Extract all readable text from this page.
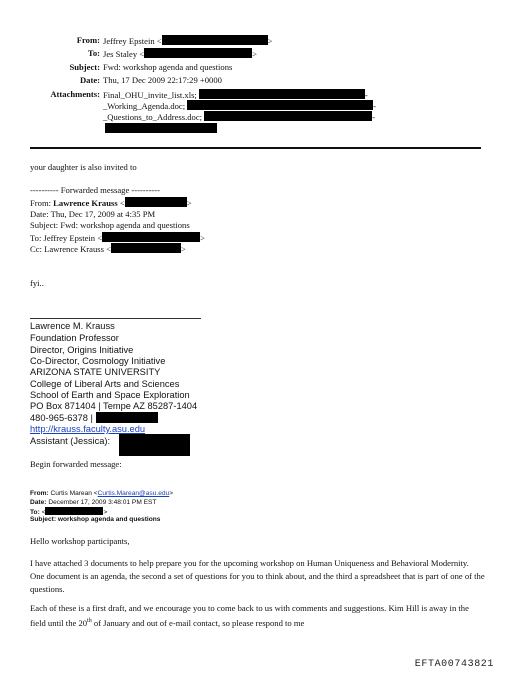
From: Jeffrey Epstein <	>
To: Jes Staley <	>
Subject: Fwd: workshop agenda and questions
Date: Thu, 17 Dec 2009 22:17:29 +0000
Attachments: Final_OHU_invite_list.xls;	-
_Working_Agenda.doc;	-
_Questions_to_Address.doc;	-
your daughter is also invited to
---------- Forwarded message ----------
From: Lawrence Krauss <	>
Date: Thu, Dec 17, 2009 at 4:35 PM
Subject: Fwd: workshop agenda and questions
To: Jeffrey Epstein <	>
Cc: Lawrence Krauss <	>
fyi..
Lawrence M. Krauss
Foundation Professor
Director, Origins Initiative
Co-Director, Cosmology Initiative
ARIZONA STATE UNIVERSITY
College of Liberal Arts and Sciences
School of Earth and Space Exploration
PO Box 871404 | Tempe AZ 85287-1404
480-965-6378 |
http://krauss.faculty.asu.edu
Assistant (Jessica):
Begin forwarded message:
From: Curtis Marean <Curtis.Marean@asu.edu>
Date: December 17, 2009 3:48:01 PM EST
To: <	>
Subject: workshop agenda and questions
Hello workshop participants,
I have attached 3 documents to help prepare you for the upcoming workshop on Human Uniqueness and Behavioral Modernity. One document is an agenda, the second a set of questions for you to think about, and the third a spreadsheet that is part of one of the questions.
Each of these is a first draft, and we encourage you to come back to us with comments and suggestions. Kim Hill is away in the field until the 20th of January and out of e-mail contact, so please respond to me
EFTA00743821
